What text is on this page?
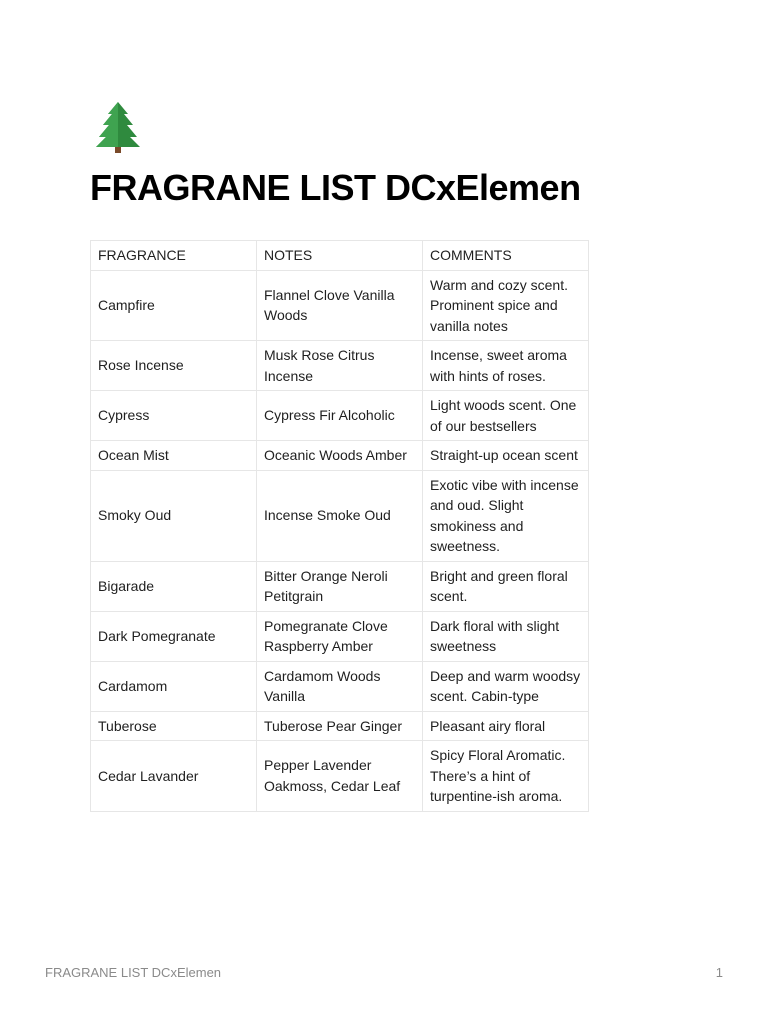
FRAGRANE LIST DCxElemen
FRAGRANCE	NOTES	COMMENTS
Campfire	Flannel Clove Vanilla Woods	Warm and cozy scent. Prominent spice and vanilla notes
Rose Incense	Musk Rose Citrus Incense	Incense, sweet aroma with hints of roses.
Cypress	Cypress Fir Alcoholic	Light woods scent. One of our bestsellers
Ocean Mist	Oceanic Woods Amber	Straight-up ocean scent
Smoky Oud	Incense Smoke Oud	Exotic vibe with incense and oud. Slight smokiness and sweetness.
Bigarade	Bitter Orange Neroli Petitgrain	Bright and green floral scent.
Dark Pomegranate	Pomegranate Clove Raspberry Amber	Dark floral with slight sweetness
Cardamom	Cardamom Woods Vanilla	Deep and warm woodsy scent. Cabin-type
Tuberose	Tuberose Pear Ginger	Pleasant airy floral
Cedar Lavander	Pepper Lavender Oakmoss, Cedar Leaf	Spicy Floral Aromatic. There’s a hint of turpentine-ish aroma.
FRAGRANE LIST DCxElemen	1
